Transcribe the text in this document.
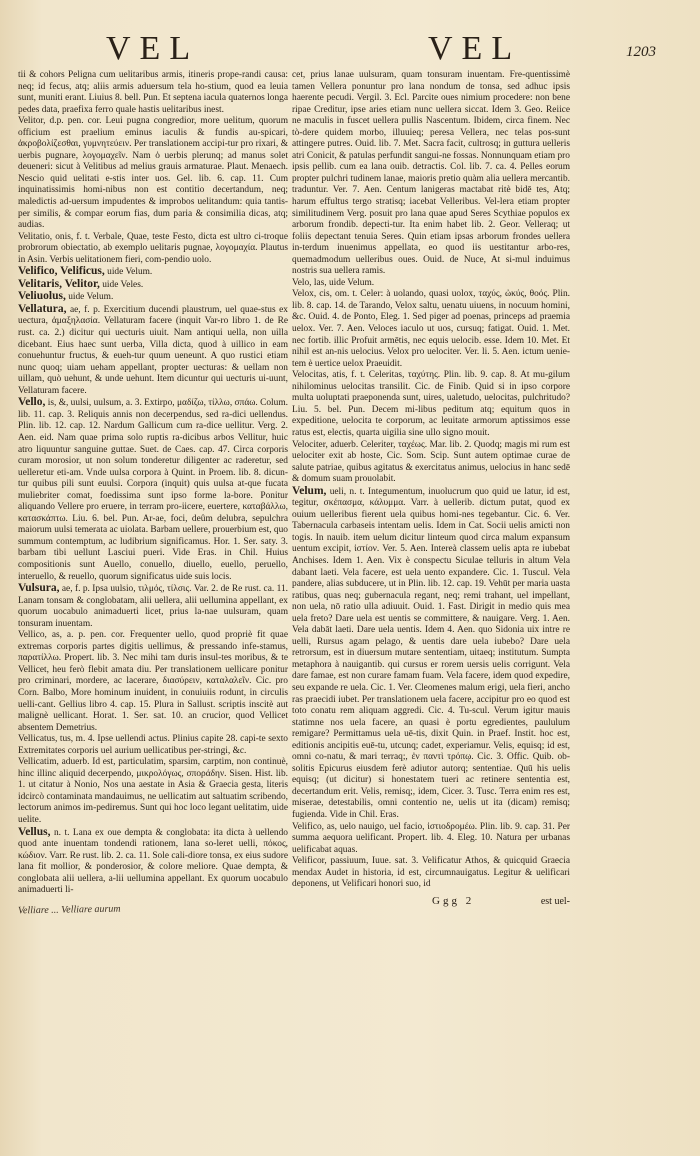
VEL	VEL	1203

tii & cohors Peligna cum uelitaribus armis, itineris prope-randi causa: neq; id fecus, atq; aliis armis aduersum tela ho-stium, quod ea leuia sunt, muniti erant. Liuius 8. bell. Pun. Et septena iacula quaternos longa pedes data, praefixa ferro quale hastis uelitaribus inest.

Velitor, d.p. pen. cor. Leui pugna congredior, more uelitum, quorum officium est praelium eminus iaculis & fundis au-spicari, ἀκροβολίζεσθαι, γυμνητεύειν. Per translationem accipi-tur pro rixari, & uerbis pugnare, λογομαχεῖν. Nam ὁ uerbis plerunq; ad manus solet deueneri: sicut à Velitibus ad melius grauis armaturae. Plaut. Menaech. Nescio quid uelitati e-stis inter uos. Gel. lib. 6. cap. 11. Cum inquinatissimis homi-nibus non est contitio decertandum, neq; maledictis ad-uersum impudentes & improbos uelitandum: quia tantis-per similis, & compar eorum fias, dum paria & consimilia dicas, atq; audias.

Velitatio, onis, f. t. Verbale, Quae, teste Festo, dicta est ultro ci-troque probrorum obiectatio, ab exemplo uelitaris pugnae, λογομαχία. Plautus in Asin. Verbis uelitationem fieri, com-pendio uolo.

Velifico, Velificus, uide Velum.

Velitaris, Velitor, uide Veles.

Veliuolus, uide Velum.

Vellatura, ae, f. p. Exercitium ducendi plaustrum, uel quae-stus ex uectura, ἁμαξηλασία. Vellaturam facere (inquit Var-ro libro 1. de Re rust. ca. 2.) dicitur qui uecturis uiuit. Nam antiqui uella, non uilla dicebant. Eius haec sunt uerba, Villa dicta, quod à uillico in eam conuehuntur fructus, & eueh-tur quum ueneunt. A quo rustici etiam nunc quoq; uiam ueham appellant, propter uecturas: & uellam non uillam, quò uehunt, & unde uehunt. Item dicuntur qui uecturis ui-uunt, Vellaturam facere.

Vello, is, &, uulsi, uulsum, a. 3. Extirpo, μαδίζω, τίλλω, σπάω. Colum. lib. 11. cap. 3. Reliquis annis non decerpendus, sed ra-dici uellendus. Plin. lib. 12. cap. 12. Nardum Gallicum cum ra-dice uellitur. Verg. 2. Aen. eid. Nam quae prima solo ruptis ra-dicibus arbos Vellitur, huic atro liquuntur sanguine guttae. Suet. de Caes. cap. 47. Circa corporis curam morosior, ut non solum tonderetur diligenter ac raderetur, sed uelleretur eti-am. Vnde uulsa corpora à Quint. in Proem. lib. 8. dicun-tur quibus pili sunt euulsi. Corpora (inquit) quis uulsa at-que fucata muliebriter comat, foedissima sunt ipso forme la-bore. Ponitur aliquando Vellere pro eruere, in terram pro-iicere, euertere, καταβάλλω, κατασκάπτω. Liu. 6. bel. Pun. Ar-ae, foci, deûm delubra, sepulchra maiorum uulsi temerata ac uiolata. Barbam uellere, prouerbium est, quo summum contemptum, ac ludibrium significamus. Hor. 1. Ser. saty. 3. barbam tibi uellunt Lasciui pueri. Vide Eras. in Chil. Huius compositionis sunt Auello, conuello, diuello, euello, peruello, interuello, & reuello, quorum significatus uide suis locis.

Vulsura, ae, f. p. Ipsa uulsio, τιλμός, τίλσις. Var. 2. de Re rust. ca. 11. Lanam tonsam & conglobatam, alii uellera, alii uellumina appellant, ex quorum uocabulo animaduerti licet, prius la-nae uulsuram, quam tonsuram inuentam.

Vellico, as, a. p. pen. cor. Frequenter uello, quod propriè fit quae extremas corporis partes digitis uellimus, & pressando infe-stamus, παρατίλλω. Propert. lib. 3. Nec mihi tam duris insul-tes moribus, & te Vellicet, heu ferò flebit amata diu. Per translationem uellicare ponitur pro criminari, mordere, ac lacerare, διασύρειν, καταλαλεῖν. Cic. pro Corn. Balbo, More hominum inuident, in conuiuiis rodunt, in circulis uelli-cant. Gellius libro 4. cap. 15. Plura in Sallust. scriptis inscitè aut malignè uellicant. Horat. 1. Ser. sat. 10. an crucior, quod Vellicet absentem Demetrius.

Vellicatus, tus, m. 4. Ipse uellendi actus. Plinius capite 28. capi-te sexto Extremitates corporis uel aurium uellicatibus per-stringi, &c.

Vellicatim, aduerb. Id est, particulatim, sparsim, carptim, non continuè, hinc illinc aliquid decerpendo, μικρολόγως, σποράδην. Sisen. Hist. lib. 1. ut citatur à Nonio, Nos una aestate in Asia & Graecia gesta, literis idcircò contaminata mandauimus, ne uellicatim aut saltuatim scribendo, lectorum animos im-pediremus. Sunt qui hoc loco legant uelitatim, uide uelite.

Vellus, n. t. Lana ex oue dempta & conglobata: ita dicta à uellendo quod ante inuentam tondendi rationem, lana so-leret uelli, πόκος, κώδιον. Varr. Re rust. lib. 2. ca. 11. Sole cali-diore tonsa, ex eius sudore lana fit mollior, & ponderosior, & colore meliore. Quae dempta, & conglobata alii uellera, a-lii uellumina appellant. Ex quorum uocabulo animaduerti li-

Velliare ... Velliare aurum

cet, prius lanae uulsuram, quam tonsuram inuentam. Fre-quentissimè tamen Vellera ponuntur pro lana nondum de tonsa, sed adhuc ipsis haerente pecudi. Vergil. 3. Ecl. Parcite oues nimium procedere: non bene ripae Creditur, ipse aries etiam nunc uellera siccat. Idem 3. Geo. Reiice ne maculis in fuscet uellera pullis Nascentum. Ibidem, circa finem. Nec tò-dere quidem morbo, illuuieq; peresa Vellera, nec telas pos-sunt attingere putres. Ouid. lib. 7. Met. Sacra facit, cultrosq; in guttura uelleris atri Conicit, & patulas perfundit sangui-ne fossas. Nonnunquam etiam pro ipsis pellib. cum ea lana ouib. detractis. Col. lib. 7. ca. 4. Pelles eorum propter pulchri tudinem lanae, maioris pretio quàm alia uellera mercantib. traduntur. Ver. 7. Aen. Centum lanigeras mactabat ritè bidē tes, Atq; harum effultus tergo stratisq; iacebat Velleribus. Vel-lera etiam propter similitudinem Verg. posuit pro lana quae apud Seres Scythiae populos ex arborum frondib. depecti-tur. Ita enim habet lib. 2. Geor. Velleraq; ut foliis depectant tenuia Seres. Quin etiam ipsas arborum frondes uellera in-terdum inuenimus appellata, eo quod iis uestitantur arbo-res, quemadmodum uelleribus oues. Ouid. de Nuce, At si-mul induimus nostris sua uellera ramis.

Velo, las, uide Velum.

Velox, cis, om. t. Celer: à uolando, quasi uolox, ταχύς, ὠκύς, θοός. Plin. lib. 8. cap. 14. de Tarando, Velox saltu, uenatu uiuens, in nocuum homini, &c. Ouid. 4. de Ponto, Eleg. 1. Sed piger ad poenas, princeps ad praemia uelox. Ver. 7. Aen. Veloces iaculo ut uos, cursuq; fatigat. Ouid. 1. Met. nec fortib. illic Profuit armētis, nec equis uelocib. esse. Idem 10. Met. Et nihil est an-nis uelocius. Velox pro uelociter. Ver. li. 5. Aen. ictum uenie-tem è uertice uelox Praeuidit.

Velocitas, atis, f. t. Celeritas, ταχύτης. Plin. lib. 9. cap. 8. At mu-gilum nihilominus uelocitas transilit. Cic. de Finib. Quid si in ipso corpore multa uoluptati praeponenda sunt, uires, ualetudo, uelocitas, pulchritudo? Liu. 5. bel. Pun. Decem mi-libus peditum atq; equitum quos in expeditione, uelocita te corporum, ac leuitate armorum aptissimos esse ratus est, electis, quarta uigilia sine ullo signo mouit.

Velociter, aduerb. Celeriter, ταχέως. Mar. lib. 2. Quodq; magis mi rum est uelociter exit ab hoste, Cic. Som. Scip. Sunt autem optimae curae de salute patriae, quibus agitatus & exercitatus animus, uelocius in hanc sedē & domum suam prouolabit.

Velum, ueli, n. t. Integumentum, inuolucrum quo quid ue latur, id est, tegitur, σκέπασμα, κάλυμμα. Varr. à uellerib. dictum putat, quod ex ouium uelleribus fierent uela quibus homi-nes tegebantur. Cic. 6. Ver. Tabernacula carbaseis intentam uelis. Idem in Cat. Socii uelis amicti non togis. In nauib. item uelum dicitur linteum quod circa malum expansum uentum excipit, ἱστίον. Ver. 5. Aen. Intereà classem uelis apta re iubebat Anchises. Idem 1. Aen. Vix è conspectu Siculae telluris in altum Vela dabant laeti. Vela facere, est uela uento expandere. Cic. 1. Tuscul. Vela pandere, alias subducere, ut in Plin. lib. 12. cap. 19. Vehūt per maria uasta ratibus, quas neq; gubernacula regant, neq; remi trahant, uel impellant, non uela, nō ratio ulla adiuuit. Ouid. 1. Fast. Dirigit in medio quis mea uela freto? Dare uela est uentis se committere, & nauigare. Verg. 1. Aen. Vela dabāt laeti. Dare uela uentis. Idem 4. Aen. quo Sidonia uix intre re uelli, Rursus agam pelago, & uentis dare uela iubebo? Dare uela retrorsum, est in diuersum mutare sententiam, uitaeq; institutum. Sumpta metaphora à nauigantib. qui cursus er rorem uersis uelis corrigunt. Vela dare famae, est non curare famam fuam. Vela facere, idem quod expedire, seu expande re uela. Cic. 1. Ver. Cleomenes malum erigi, uela fieri, ancho ras praecidi iubet. Per translationem uela facere, accipitur pro eo quod est toto conatu rem aliquam aggredi. Cic. 4. Tu-scul. Verum igitur mauis statimne nos uela facere, an quasi è portu egredientes, paululum remigare? Permittamus uela uē-tis, dixit Quin. in Praef. Instit. hoc est, editionis ancipitis euē-tu, utcunq; cadet, experiamur. Velis, equisq; id est, omni co-natu, & mari terraq;, ἐν παντὶ τρόπῳ. Cic. 3. Offic. Quib. ob-solitis Epicurus eiusdem ferè adiutor autorq; sententiae. Quū his uelis equisq; (ut dicitur) si honestatem tueri ac retinere sententia est, decertandum erit. Velis, remisq;, idem, Cicer. 3. Tusc. Terra enim res est, miserae, detestabilis, omni contentio ne, uelis ut ita (dicam) remisq; fugienda. Vide in Chil. Eras.

Velifico, as, uelo nauigo, uel facio, ἱστιοδρομέω. Plin. lib. 9. cap. 31. Per summa aequora uelificant. Propert. lib. 4. Eleg. 10. Natura per urbanas uelificabat aquas.

Velificor, passiuum, Iuue. sat. 3. Velificatur Athos, & quicquid Graecia mendax Audet in historia, id est, circumnauigatus. Legitur & uelificari deponens, ut Velificari honori suo, id

Ggg 2	est uel-
